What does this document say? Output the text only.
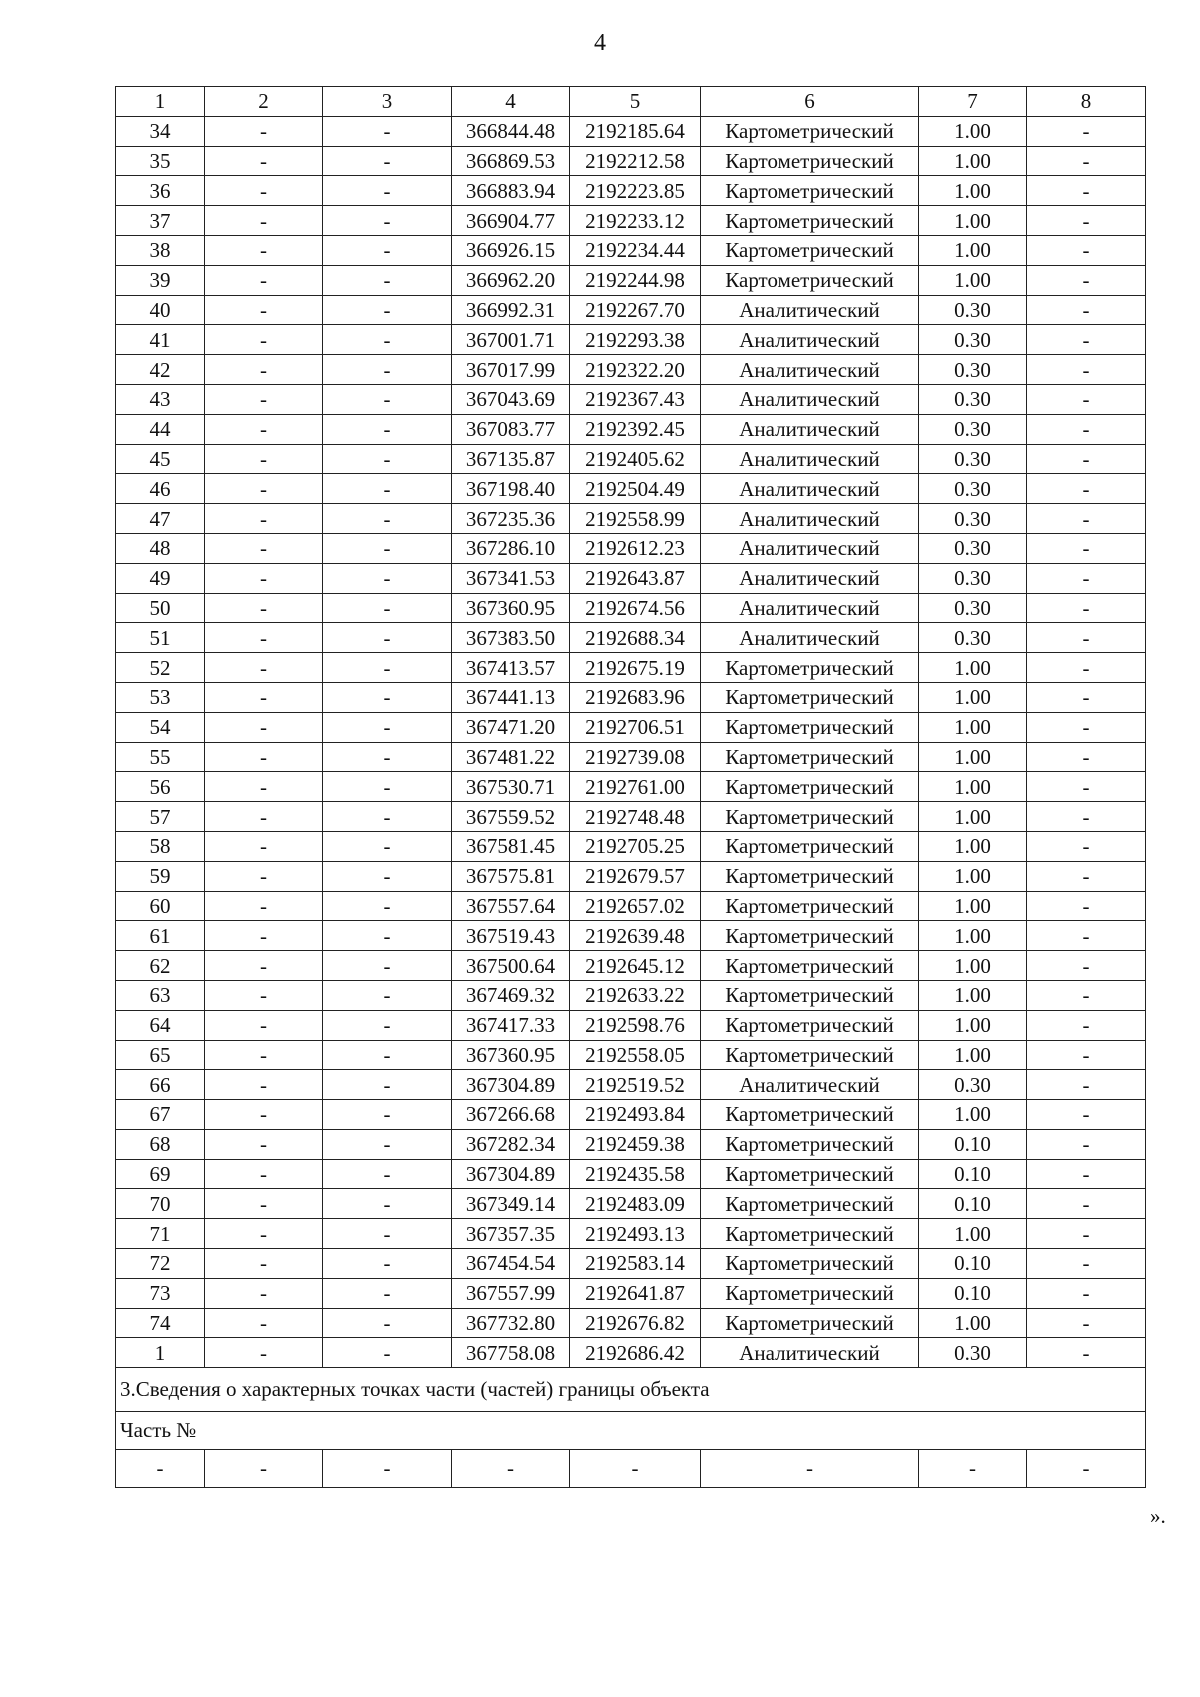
4
1	2	3	4	5	6	7	8
34	-	-	366844.48	2192185.64	Картометрический	1.00	-
35	-	-	366869.53	2192212.58	Картометрический	1.00	-
36	-	-	366883.94	2192223.85	Картометрический	1.00	-
37	-	-	366904.77	2192233.12	Картометрический	1.00	-
38	-	-	366926.15	2192234.44	Картометрический	1.00	-
39	-	-	366962.20	2192244.98	Картометрический	1.00	-
40	-	-	366992.31	2192267.70	Аналитический	0.30	-
41	-	-	367001.71	2192293.38	Аналитический	0.30	-
42	-	-	367017.99	2192322.20	Аналитический	0.30	-
43	-	-	367043.69	2192367.43	Аналитический	0.30	-
44	-	-	367083.77	2192392.45	Аналитический	0.30	-
45	-	-	367135.87	2192405.62	Аналитический	0.30	-
46	-	-	367198.40	2192504.49	Аналитический	0.30	-
47	-	-	367235.36	2192558.99	Аналитический	0.30	-
48	-	-	367286.10	2192612.23	Аналитический	0.30	-
49	-	-	367341.53	2192643.87	Аналитический	0.30	-
50	-	-	367360.95	2192674.56	Аналитический	0.30	-
51	-	-	367383.50	2192688.34	Аналитический	0.30	-
52	-	-	367413.57	2192675.19	Картометрический	1.00	-
53	-	-	367441.13	2192683.96	Картометрический	1.00	-
54	-	-	367471.20	2192706.51	Картометрический	1.00	-
55	-	-	367481.22	2192739.08	Картометрический	1.00	-
56	-	-	367530.71	2192761.00	Картометрический	1.00	-
57	-	-	367559.52	2192748.48	Картометрический	1.00	-
58	-	-	367581.45	2192705.25	Картометрический	1.00	-
59	-	-	367575.81	2192679.57	Картометрический	1.00	-
60	-	-	367557.64	2192657.02	Картометрический	1.00	-
61	-	-	367519.43	2192639.48	Картометрический	1.00	-
62	-	-	367500.64	2192645.12	Картометрический	1.00	-
63	-	-	367469.32	2192633.22	Картометрический	1.00	-
64	-	-	367417.33	2192598.76	Картометрический	1.00	-
65	-	-	367360.95	2192558.05	Картометрический	1.00	-
66	-	-	367304.89	2192519.52	Аналитический	0.30	-
67	-	-	367266.68	2192493.84	Картометрический	1.00	-
68	-	-	367282.34	2192459.38	Картометрический	0.10	-
69	-	-	367304.89	2192435.58	Картометрический	0.10	-
70	-	-	367349.14	2192483.09	Картометрический	0.10	-
71	-	-	367357.35	2192493.13	Картометрический	1.00	-
72	-	-	367454.54	2192583.14	Картометрический	0.10	-
73	-	-	367557.99	2192641.87	Картометрический	0.10	-
74	-	-	367732.80	2192676.82	Картометрический	1.00	-
1	-	-	367758.08	2192686.42	Аналитический	0.30	-
3.Сведения о характерных точках части (частей) границы объекта							
Часть №							
-	-	-	-	-	-	-	-
».
